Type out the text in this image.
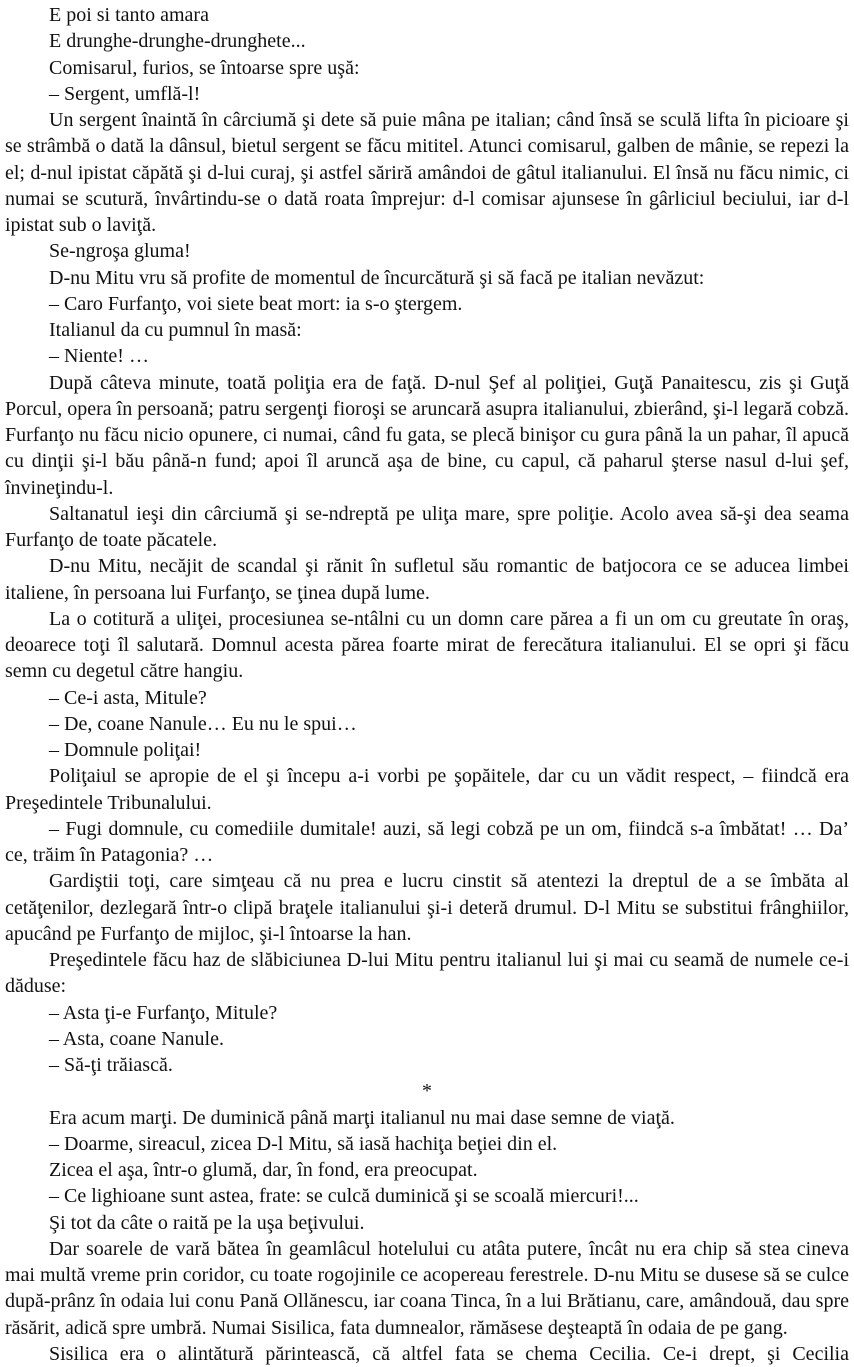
E poi si tanto amara

E drunghe-drunghe-drunghete...

Comisarul, furios, se întoarse spre uşă:

– Sergent, umflă-l!

Un sergent înaintă în cârciumă şi dete să puie mâna pe italian; când însă se sculă lifta în picioare şi se strâmbă o dată la dânsul, bietul sergent se făcu mititel. Atunci comisarul, galben de mânie, se repezi la el; d-nul ipistat căpătă şi d-lui curaj, şi astfel săriră amândoi de gâtul italianului. El însă nu făcu nimic, ci numai se scutură, învârtindu-se o dată roata împrejur: d-l comisar ajunsese în gârliciul beciului, iar d-l ipistat sub o laviţă.

Se-ngroşa gluma!

D-nu Mitu vru să profite de momentul de încurcătură şi să facă pe italian nevăzut:

– Caro Furfanţo, voi siete beat mort: ia s-o ştergem.

Italianul da cu pumnul în masă:

– Niente! …

După câteva minute, toată poliţia era de faţă. D-nul Şef al poliţiei, Guţă Panaitescu, zis şi Guţă Porcul, opera în persoană; patru sergenţi fioroşi se aruncară asupra italianului, zbierând, şi-l legară cobză. Furfanţo nu făcu nicio opunere, ci numai, când fu gata, se plecă binişor cu gura până la un pahar, îl apucă cu dinţii şi-l bău până-n fund; apoi îl aruncă aşa de bine, cu capul, că paharul şterse nasul d-lui şef, învineţindu-l.

Saltanatul ieşi din cârciumă şi se-ndreptă pe uliţa mare, spre poliţie. Acolo avea să-şi dea seama Furfanţo de toate păcatele.

D-nu Mitu, necăjit de scandal şi rănit în sufletul său romantic de batjocora ce se aducea limbei italiene, în persoana lui Furfanţo, se ţinea după lume.

La o cotitură a uliţei, procesiunea se-ntâlni cu un domn care părea a fi un om cu greutate în oraş, deoarece toţi îl salutară. Domnul acesta părea foarte mirat de ferecătura italianului. El se opri şi făcu semn cu degetul către hangiu.

– Ce-i asta, Mitule?

– De, coane Nanule… Eu nu le spui…

– Domnule poliţai!

Poliţaiul se apropie de el şi începu a-i vorbi pe şopăitele, dar cu un vădit respect, – fiindcă era Preşedintele Tribunalului.

– Fugi domnule, cu comediile dumitale! auzi, să legi cobză pe un om, fiindcă s-a îmbătat! … Da’ ce, trăim în Patagonia? …

Gardiştii toţi, care simţeau că nu prea e lucru cinstit să atentezi la dreptul de a se îmbăta al cetăţenilor, dezlegară într-o clipă braţele italianului şi-i deteră drumul. D-l Mitu se substitui frânghiilor, apucând pe Furfanţo de mijloc, şi-l întoarse la han.

Preşedintele făcu haz de slăbiciunea D-lui Mitu pentru italianul lui şi mai cu seamă de numele ce-i dăduse:

– Asta ţi-e Furfanţo, Mitule?

– Asta, coane Nanule.

– Să-ţi trăiască.

*

Era acum marţi. De duminică până marţi italianul nu mai dase semne de viaţă.

– Doarme, sireacul, zicea D-l Mitu, să iasă hachiţa beţiei din el.

Zicea el aşa, într-o glumă, dar, în fond, era preocupat.

– Ce lighioane sunt astea, frate: se culcă duminică şi se scoală miercuri!...

Şi tot da câte o raită pe la uşa beţivului.

Dar soarele de vară bătea în geamlâcul hotelului cu atâta putere, încât nu era chip să stea cineva mai multă vreme prin coridor, cu toate rogojinile ce acopereau ferestrele. D-nu Mitu se dusese să se culce după-prânz în odaia lui conu Pană Ollănescu, iar coana Tinca, în a lui Brătianu, care, amândouă, dau spre răsărit, adică spre umbră. Numai Sisilica, fata dumnealor, rămăsese deşteaptă în odaia de pe gang.

Sisilica era o alintătură părintească, că altfel fata se chema Cecilia. Ce-i drept, şi Cecilia
